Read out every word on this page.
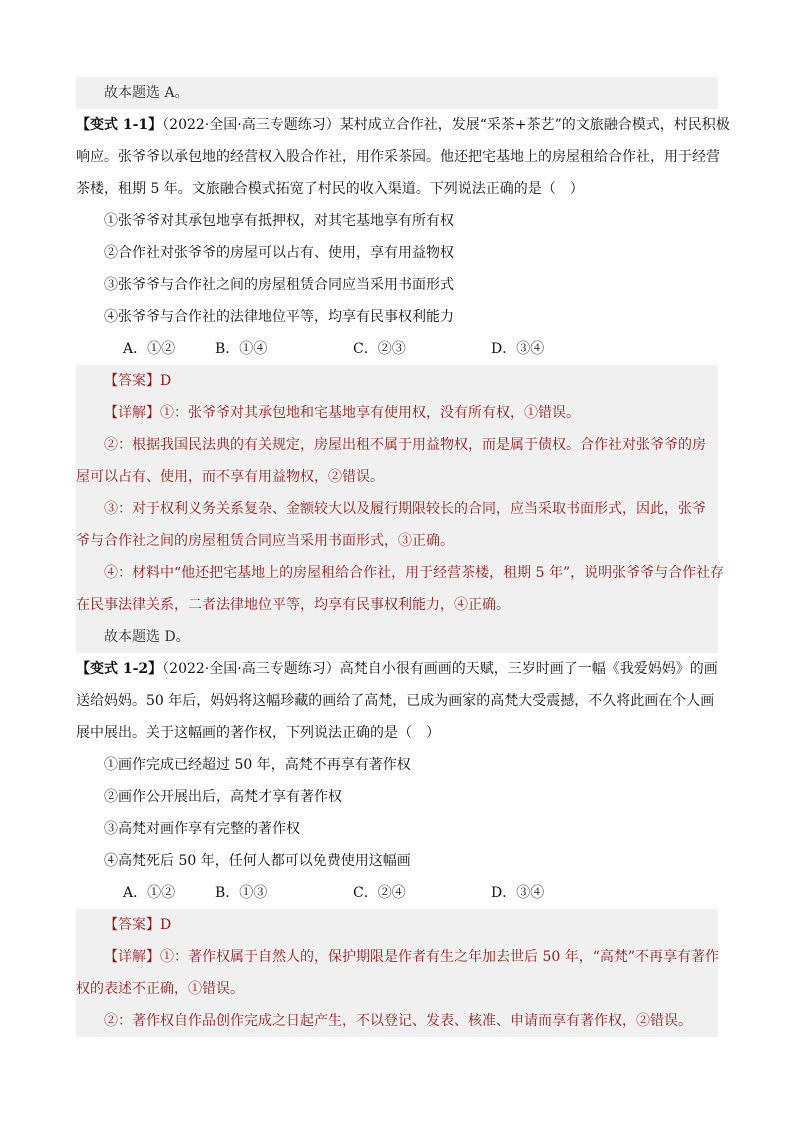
故本题选 A。
【变式 1-1】（2022·全国·高三专题练习）某村成立合作社，发展“采茶+茶艺”的文旅融合模式，村民积极
响应。张爷爷以承包地的经营权入股合作社，用作采茶园。他还把宅基地上的房屋租给合作社，用于经营
茶楼，租期 5 年。文旅融合模式拓宽了村民的收入渠道。下列说法正确的是（　）
①张爷爷对其承包地享有抵押权，对其宅基地享有所有权
②合作社对张爷爷的房屋可以占有、使用，享有用益物权
③张爷爷与合作社之间的房屋租赁合同应当采用书面形式
④张爷爷与合作社的法律地位平等，均享有民事权利能力
A．①②	B．①④	C．②③	D．③④
【答案】D
【详解】①：张爷爷对其承包地和宅基地享有使用权，没有所有权，①错误。
②：根据我国民法典的有关规定，房屋出租不属于用益物权，而是属于债权。合作社对张爷爷的房
屋可以占有、使用，而不享有用益物权，②错误。
③：对于权利义务关系复杂、金额较大以及履行期限较长的合同，应当采取书面形式，因此，张爷
爷与合作社之间的房屋租赁合同应当采用书面形式，③正确。
④：材料中“他还把宅基地上的房屋租给合作社，用于经营茶楼，租期 5 年”，说明张爷爷与合作社存
在民事法律关系，二者法律地位平等，均享有民事权利能力，④正确。
故本题选 D。
【变式 1-2】（2022·全国·高三专题练习）高梵自小很有画画的天赋，三岁时画了一幅《我爱妈妈》的画
送给妈妈。50 年后，妈妈将这幅珍藏的画给了高梵，已成为画家的高梵大受震撼，不久将此画在个人画
展中展出。关于这幅画的著作权，下列说法正确的是（　）
①画作完成已经超过 50 年，高梵不再享有著作权
②画作公开展出后，高梵才享有著作权
③高梵对画作享有完整的著作权
④高梵死后 50 年，任何人都可以免费使用这幅画
A．①②	B．①③	C．②④	D．③④
【答案】D
【详解】①：著作权属于自然人的，保护期限是作者有生之年加去世后 50 年，“高梵”不再享有著作
权的表述不正确，①错误。
②：著作权自作品创作完成之日起产生，不以登记、发表、核准、申请而享有著作权，②错误。
